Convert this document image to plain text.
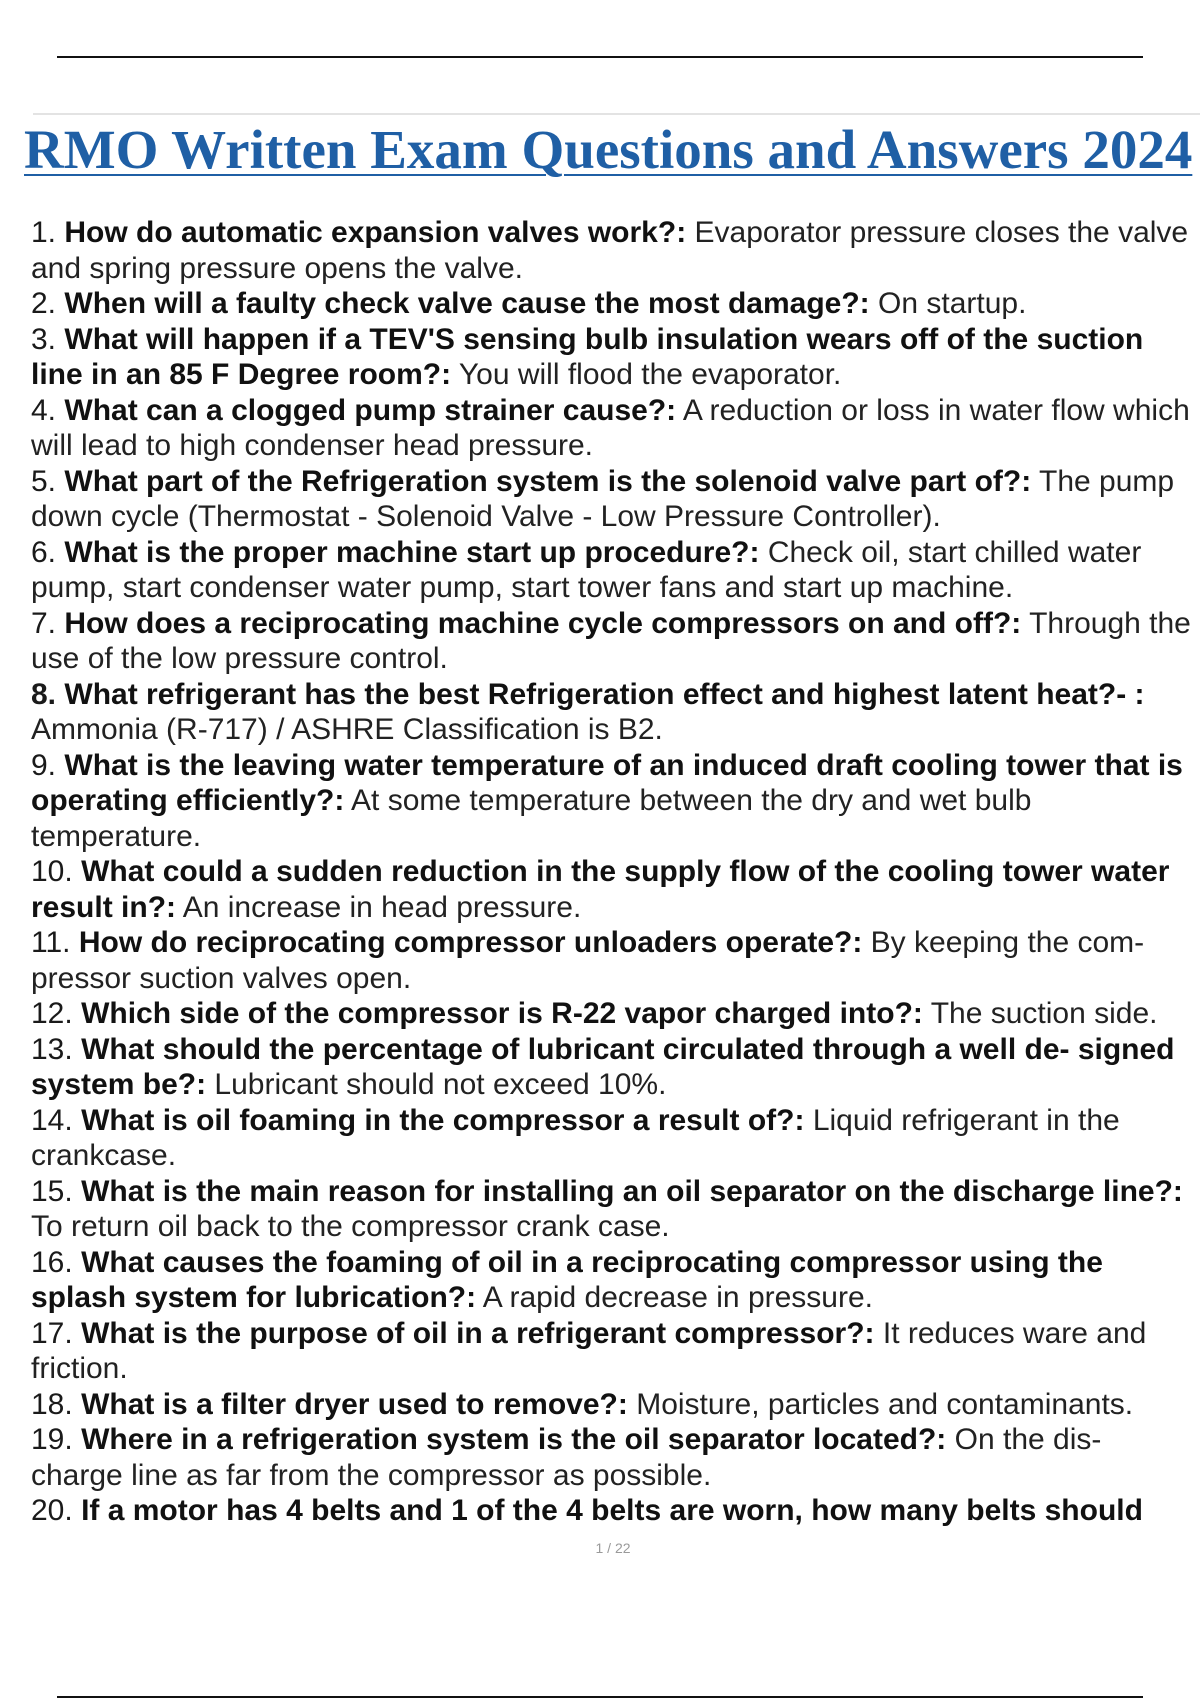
RMO Written Exam Questions and Answers 2024
1. How do automatic expansion valves work?: Evaporator pressure closes the valve and spring pressure opens the valve.
2. When will a faulty check valve cause the most damage?: On startup.
3. What will happen if a TEV'S sensing bulb insulation wears off of the suction line in an 85 F Degree room?: You will flood the evaporator.
4. What can a clogged pump strainer cause?: A reduction or loss in water flow which will lead to high condenser head pressure.
5. What part of the Refrigeration system is the solenoid valve part of?: The pump down cycle (Thermostat - Solenoid Valve - Low Pressure Controller).
6. What is the proper machine start up procedure?: Check oil, start chilled water pump, start condenser water pump, start tower fans and start up machine.
7. How does a reciprocating machine cycle compressors on and off?: Through the use of the low pressure control.
8. What refrigerant has the best Refrigeration effect and highest latent heat?- : Ammonia (R-717) / ASHRE Classification is B2.
9. What is the leaving water temperature of an induced draft cooling tower that is operating efficiently?: At some temperature between the dry and wet bulb temperature.
10. What could a sudden reduction in the supply flow of the cooling tower water result in?: An increase in head pressure.
11. How do reciprocating compressor unloaders operate?: By keeping the com- pressor suction valves open.
12. Which side of the compressor is R-22 vapor charged into?: The suction side.
13. What should the percentage of lubricant circulated through a well de- signed system be?: Lubricant should not exceed 10%.
14. What is oil foaming in the compressor a result of?: Liquid refrigerant in the crankcase.
15. What is the main reason for installing an oil separator on the discharge line?: To return oil back to the compressor crank case.
16. What causes the foaming of oil in a reciprocating compressor using the splash system for lubrication?: A rapid decrease in pressure.
17. What is the purpose of oil in a refrigerant compressor?: It reduces ware and friction.
18. What is a filter dryer used to remove?: Moisture, particles and contaminants.
19. Where in a refrigeration system is the oil separator located?: On the dis- charge line as far from the compressor as possible.
20. If a motor has 4 belts and 1 of the 4 belts are worn, how many belts should
1 / 22
